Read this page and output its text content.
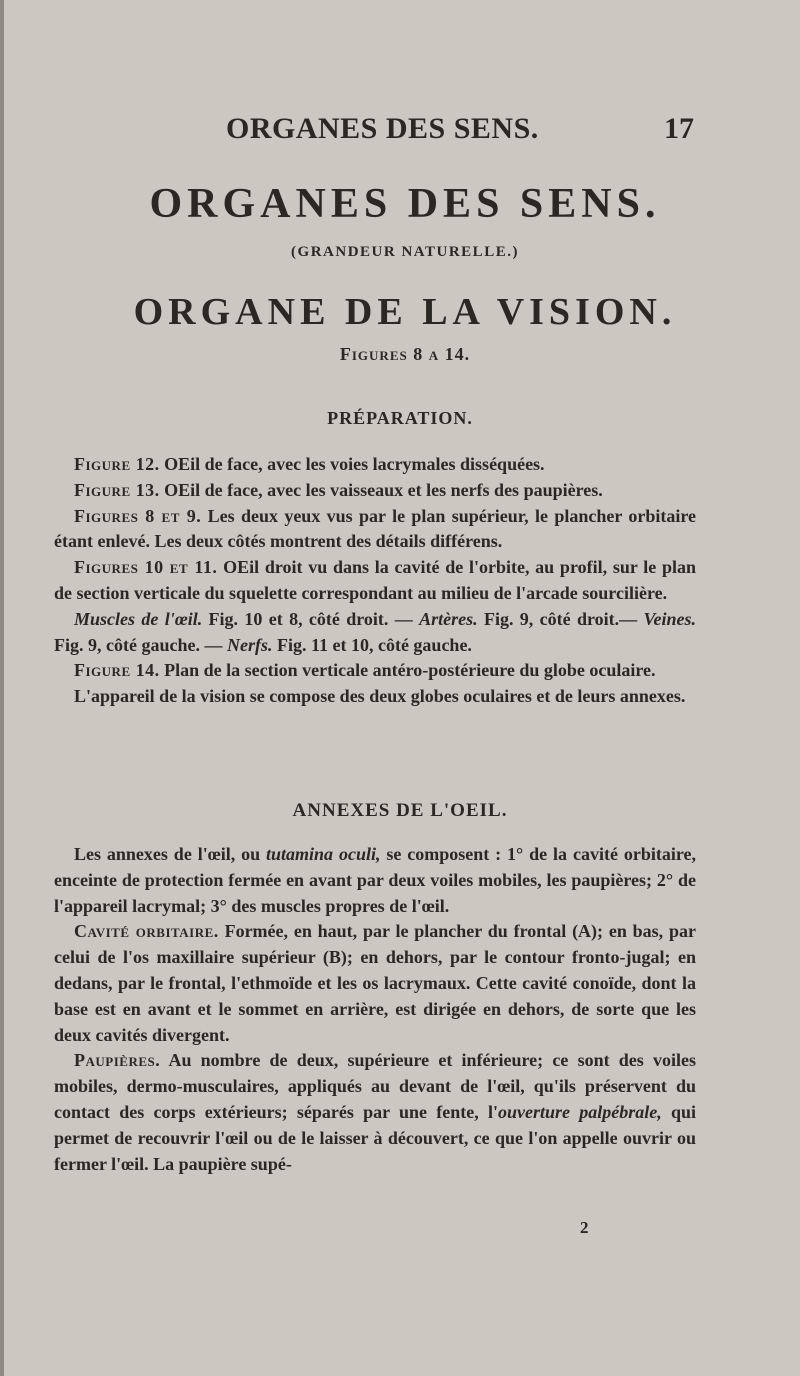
ORGANES DES SENS.	17
ORGANES DES SENS.
(GRANDEUR NATURELLE.)
ORGANE DE LA VISION.
Figures 8 a 14.
PRÉPARATION.

Figure 12. OEil de face, avec les voies lacrymales disséquées.

Figure 13. OEil de face, avec les vaisseaux et les nerfs des paupières.

Figures 8 et 9. Les deux yeux vus par le plan supérieur, le plancher orbitaire étant enlevé. Les deux côtés montrent des détails différens.

Figures 10 et 11. OEil droit vu dans la cavité de l'orbite, au profil, sur le plan de section verticale du squelette correspondant au milieu de l'arcade sourcilière.

Muscles de l'œil. Fig. 10 et 8, côté droit. — Artères. Fig. 9, côté droit.— Veines. Fig. 9, côté gauche. — Nerfs. Fig. 11 et 10, côté gauche.

Figure 14. Plan de la section verticale antéro-postérieure du globe oculaire.

L'appareil de la vision se compose des deux globes oculaires et de leurs annexes.

ANNEXES DE L'OEIL.

Les annexes de l'œil, ou tutamina oculi, se composent : 1° de la cavité orbitaire, enceinte de protection fermée en avant par deux voiles mobiles, les paupières; 2° de l'appareil lacrymal; 3° des muscles propres de l'œil.

Cavité orbitaire. Formée, en haut, par le plancher du frontal (A); en bas, par celui de l'os maxillaire supérieur (B); en dehors, par le contour fronto-jugal; en dedans, par le frontal, l'ethmoïde et les os lacrymaux. Cette cavité conoïde, dont la base est en avant et le sommet en arrière, est dirigée en dehors, de sorte que les deux cavités divergent.

Paupières. Au nombre de deux, supérieure et inférieure; ce sont des voiles mobiles, dermo-musculaires, appliqués au devant de l'œil, qu'ils préservent du contact des corps extérieurs; séparés par une fente, l'ouverture palpébrale, qui permet de recouvrir l'œil ou de le laisser à découvert, ce que l'on appelle ouvrir ou fermer l'œil. La paupière supé-

2
